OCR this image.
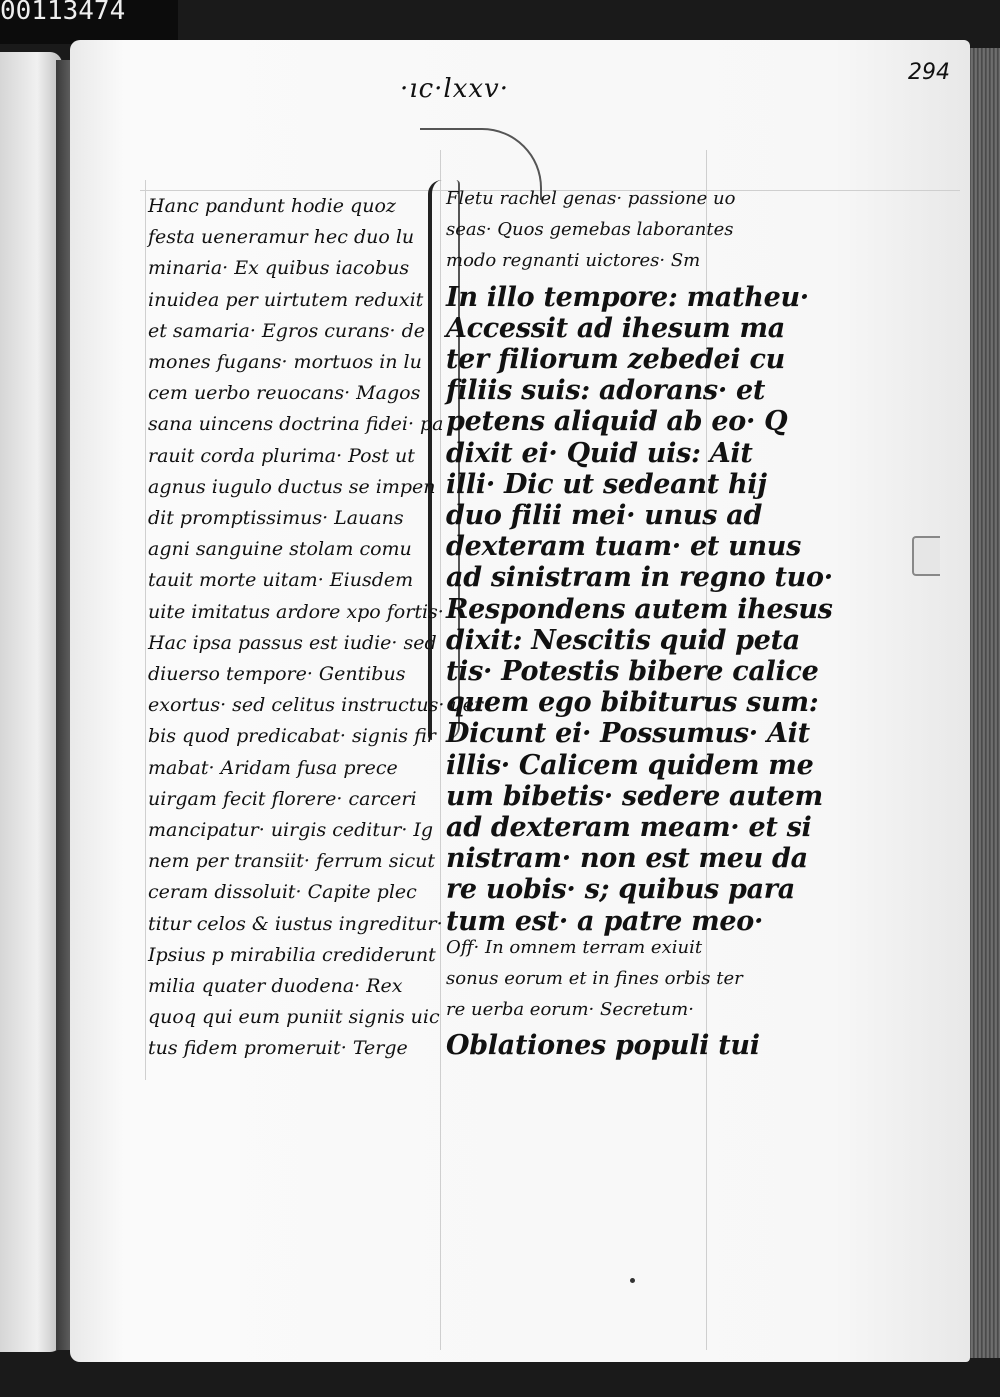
00113474
·ıc·lxxv·
294
Hanc pandunt hodie quoz
festa ueneramur hec duo lu
minaria· Ex quibus iacobus
inuidea per uirtutem reduxit
et samaria· Egros curans· de
mones fugans· mortuos in lu
cem uerbo reuocans· Magos
sana uincens doctrina fidei· pa
rauit corda plurima· Post ut
agnus iugulo ductus se impen
dit promptissimus· Lauans
agni sanguine stolam comu
tauit morte uitam· Eiusdem
uite imitatus ardore xpo fortis·
Hac ipsa passus est iudie· sed
diuerso tempore· Gentibus
exortus· sed celitus instructus· uer
bis quod predicabat· signis fir
mabat· Aridam fusa prece
uirgam fecit florere· carceri
mancipatur· uirgis ceditur· Ig
nem per transiit· ferrum sicut
ceram dissoluit· Capite plec
titur celos & iustus ingreditur·
Ipsius p mirabilia crediderunt
milia quater duodena· Rex
quoq qui eum puniit signis uic
tus fidem promeruit· Terge
Fletu rachel genas· passione uo
seas· Quos gemebas laborantes
modo regnanti uictores· Sm
In illo tempore: matheu·
Accessit ad ihesum ma
ter filiorum zebedei cu
filiis suis: adorans· et
petens aliquid ab eo· Q
dixit ei· Quid uis: Ait
illi· Dic ut sedeant hij
duo filii mei· unus ad
dexteram tuam· et unus
ad sinistram in regno tuo·
Respondens autem ihesus
dixit: Nescitis quid peta
tis· Potestis bibere calice
quem ego bibiturus sum:
Dicunt ei· Possumus· Ait
illis· Calicem quidem me
um bibetis· sedere autem
ad dexteram meam· et si
nistram· non est meu da
re uobis· s; quibus para
tum est· a patre meo·
Off· In omnem terram exiuit
sonus eorum et in fines orbis ter
re uerba eorum· Secretum·
Oblationes populi tui
